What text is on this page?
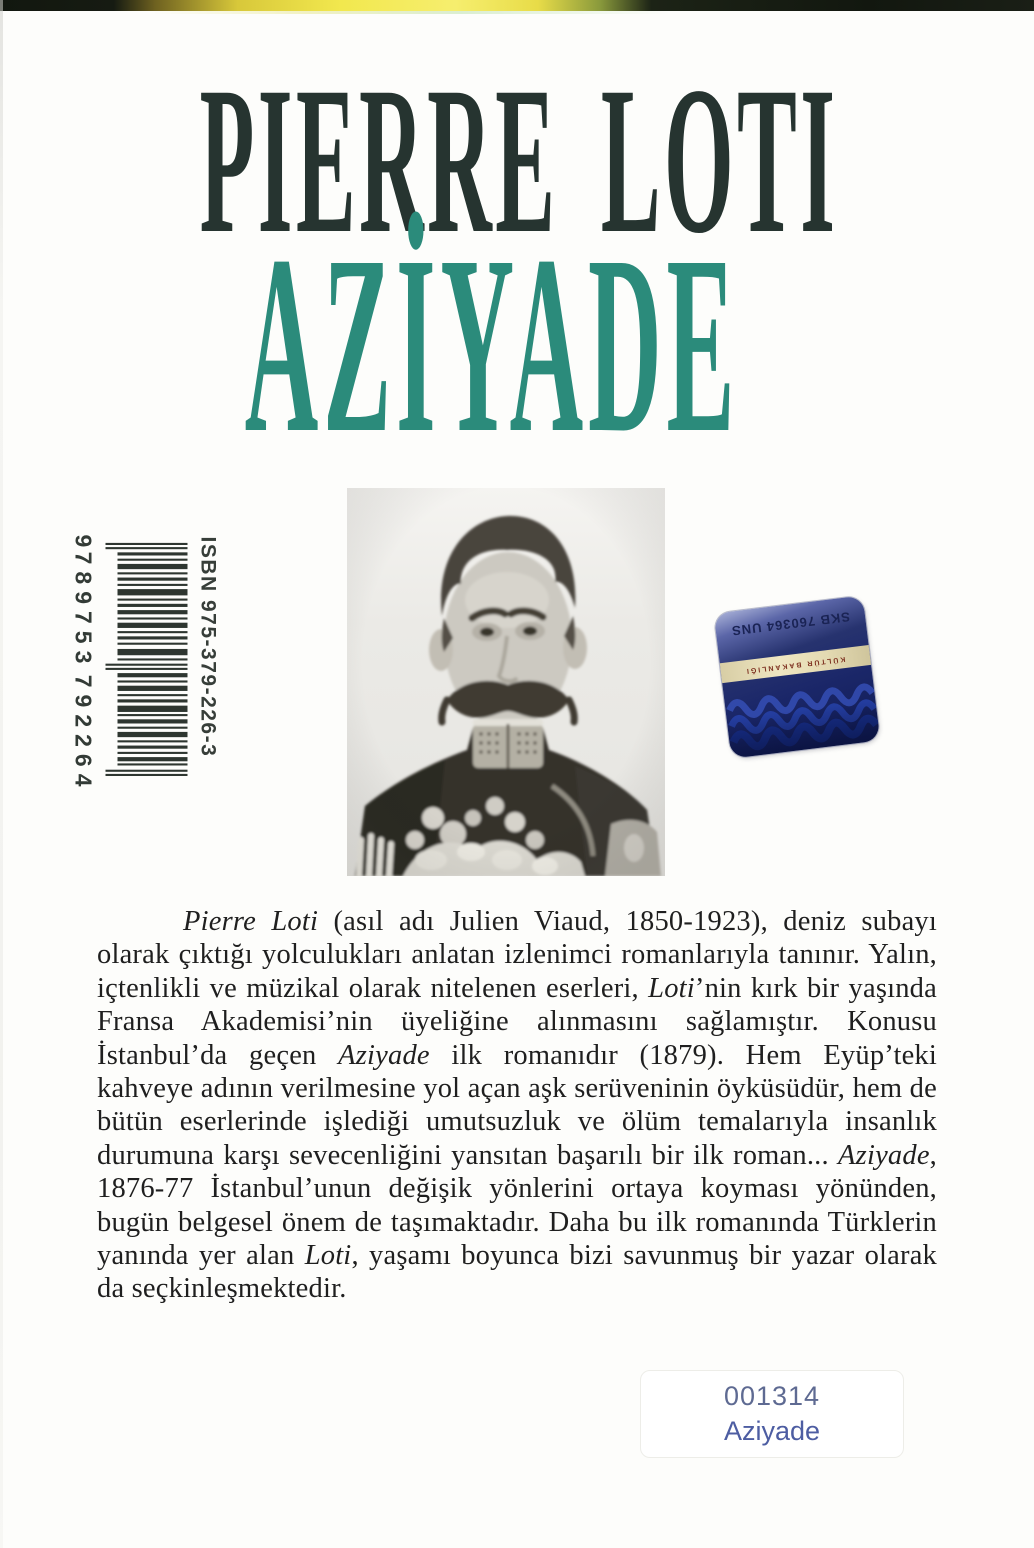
PIERRE LOTI
AZİYADE
ISBN 975-379-226-3
9
789753
792264
SKB 760364 UNS
KÜLTÜR BAKANLIĞI

Pierre Loti (asıl adı Julien Viaud, 1850-1923), deniz subayı olarak çıktığı yolculukları anlatan izlenimci romanlarıyla tanınır. Yalın, içtenlikli ve müzikal olarak nitelenen eserleri, Loti’nin kırk bir yaşında Fransa Akademisi’nin üyeliğine alınmasını sağlamıştır. Konusu İstanbul’da geçen Aziyade ilk romanıdır (1879). Hem Eyüp’teki kahveye adının verilmesine yol açan aşk serüveninin öyküsüdür, hem de bütün eserlerinde işlediği umutsuzluk ve ölüm temalarıyla insanlık durumuna karşı sevecenliğini yansıtan başarılı bir ilk roman... Aziyade, 1876-77 İstanbul’unun değişik yönlerini ortaya koyması yönünden, bugün belgesel önem de taşımaktadır. Daha bu ilk romanında Türklerin yanında yer alan Loti, yaşamı boyunca bizi savunmuş bir yazar olarak da seçkinleşmektedir.

001314
Aziyade
